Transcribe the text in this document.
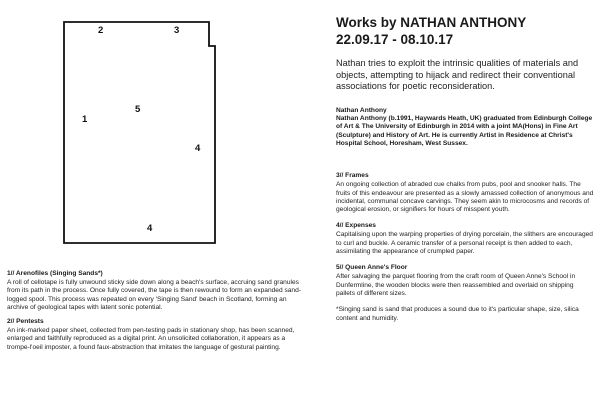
1
2	3
4
4
5

1// Arenofiles (Singing Sands*)

A roll of cellotape is fully unwound sticky side down along a beach's surface, accruing sand granules from its path in the process. Once fully covered, the tape is then rewound to form an expanded sand-logged spool. This process was repeated on every 'Singing Sand' beach in Scotland, forming an archive of geological tapes with latent sonic potential.

2// Pentests

An ink-marked paper sheet, collected from pen-testing pads in stationary shop, has been scanned, enlarged and faithfully reproduced as a digital print. An unsolicited collaboration, it appears as a trompe-l'oeil imposter, a found faux-abstraction that imitates the language of gestural painting.

Works by NATHAN ANTHONY
22.09.17 - 08.10.17

Nathan tries to exploit the intrinsic qualities of materials and objects, attempting to hijack and redirect their conventional associations for poetic reconsideration.

Nathan Anthony

Nathan Anthony (b.1991, Haywards Heath, UK) graduated from Edinburgh College of Art & The University of Edinburgh in 2014 with a joint MA(Hons) in Fine Art (Sculpture) and History of Art. He is currently Artist in Residence at Christ's Hospital School, Horesham, West Sussex.

3// Frames

An ongoing collection of abraded cue chalks from pubs, pool and snooker halls. The fruits of this endeavour are presented as a slowly amassed collection of anonymous and incidental, communal concave carvings. They seem akin to microcosms and records of geological erosion, or signifiers for hours of misspent youth.

4// Expenses

Capitalising upon the warping properties of drying porcelain, the slithers are encouraged to curl and buckle. A ceramic transfer of a personal receipt is then added to each, assimilating the appearance of crumpled paper.

5// Queen Anne's Floor

After salvaging the parquet flooring from the craft room of Queen Anne's School in Dunfermline, the wooden blocks were then reassembled and overlaid on shipping pallets of different sizes.

*Singing sand is sand that produces a sound due to it's particular shape, size, silica content and humidity.
